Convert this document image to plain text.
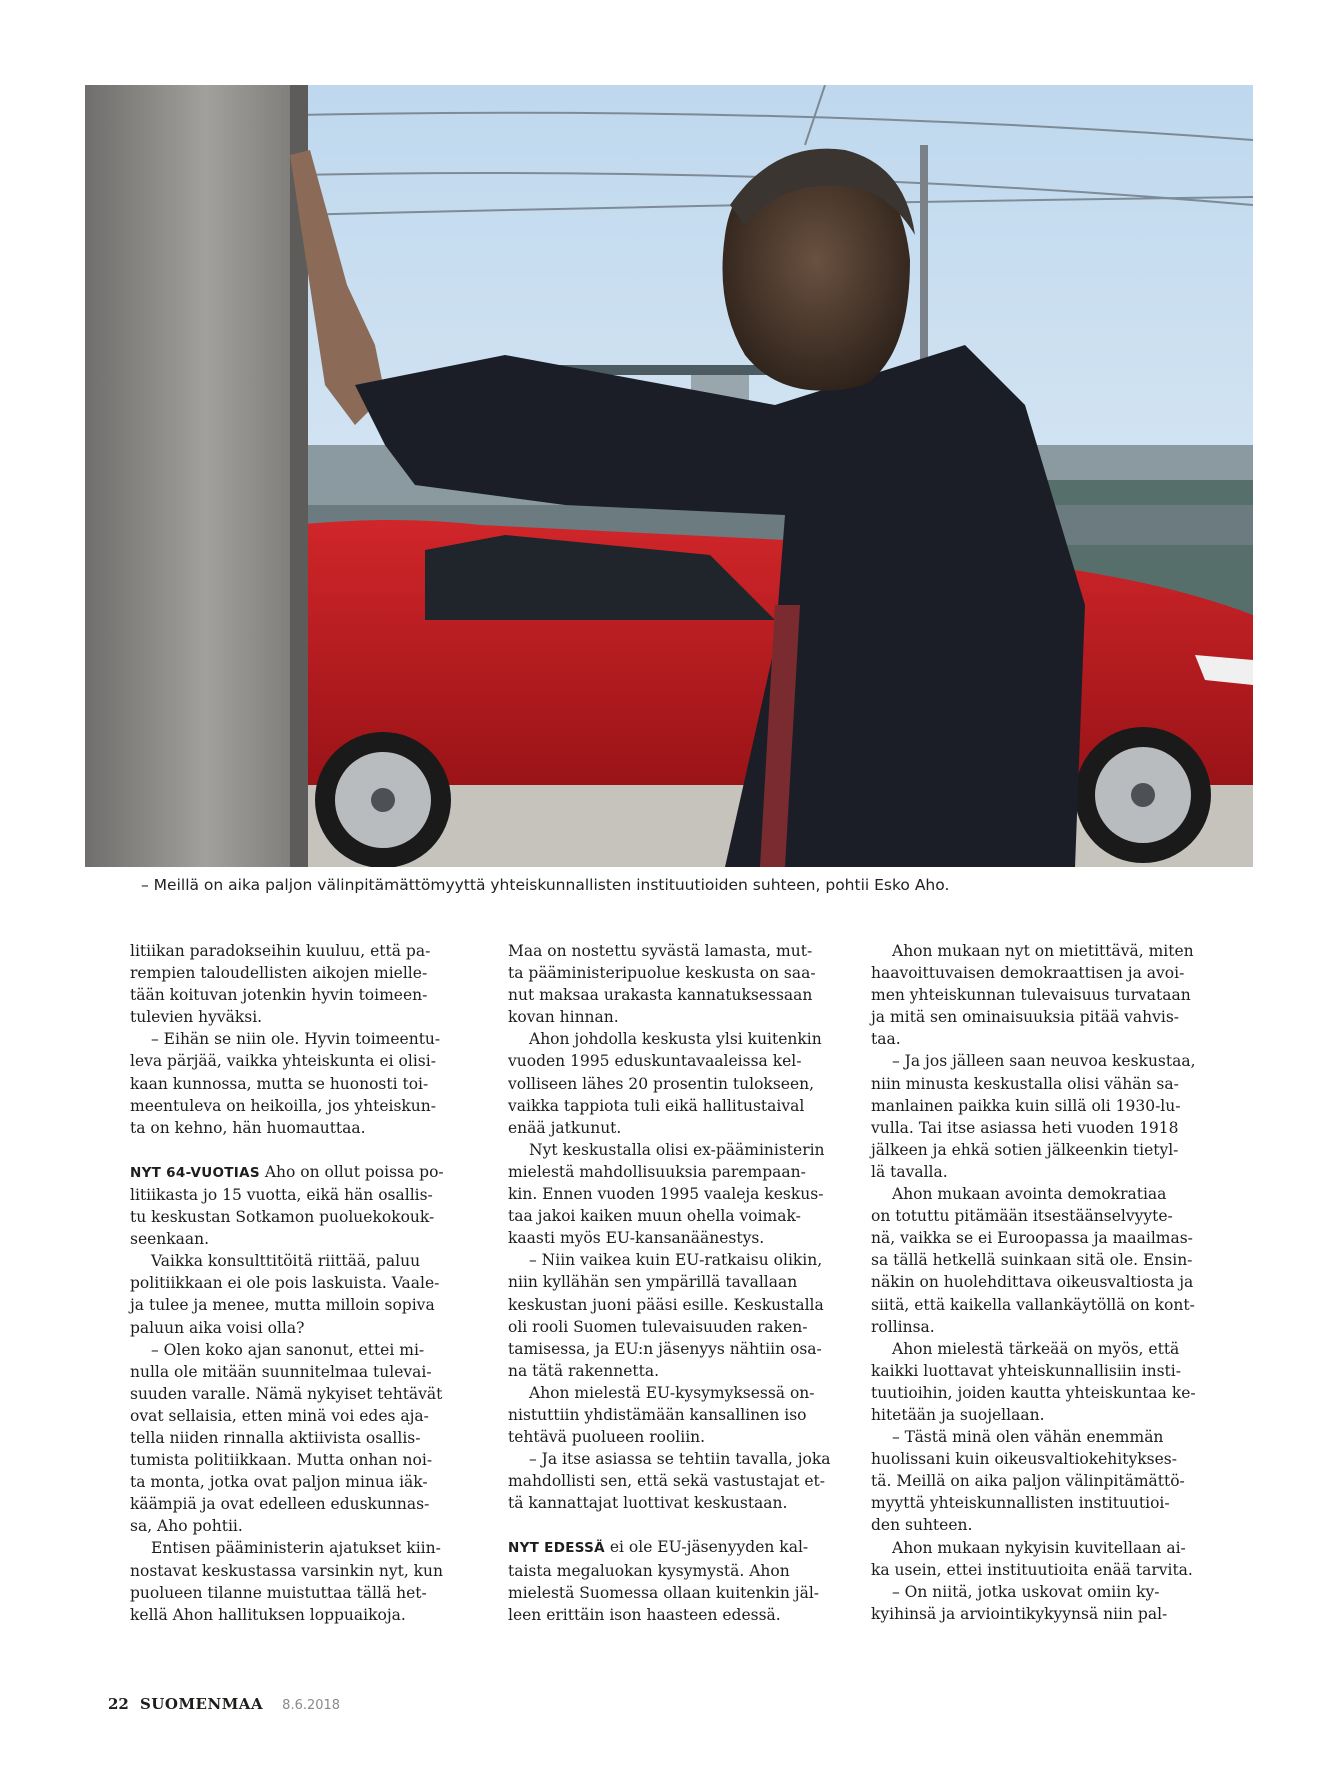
– Meillä on aika paljon välinpitämättömyyttä yhteiskunnallisten instituutioiden suhteen, pohtii Esko Aho.
litiikan paradokseihin kuuluu, että pa-
rempien taloudellisten aikojen mielle-
tään koituvan jotenkin hyvin toimeen-
tulevien hyväksi.
– Eihän se niin ole. Hyvin toimeentu-
leva pärjää, vaikka yhteiskunta ei olisi-
kaan kunnossa, mutta se huonosti toi-
meentuleva on heikoilla, jos yhteiskun-
ta on kehno, hän huomauttaa.
NYT 64-VUOTIAS Aho on ollut poissa po-
litiikasta jo 15 vuotta, eikä hän osallis-
tu keskustan Sotkamon puoluekokouk-
seenkaan.
Vaikka konsulttitöitä riittää, paluu
politiikkaan ei ole pois laskuista. Vaale-
ja tulee ja menee, mutta milloin sopiva
paluun aika voisi olla?
– Olen koko ajan sanonut, ettei mi-
nulla ole mitään suunnitelmaa tulevai-
suuden varalle. Nämä nykyiset tehtävät
ovat sellaisia, etten minä voi edes aja-
tella niiden rinnalla aktiivista osallis-
tumista politiikkaan. Mutta onhan noi-
ta monta, jotka ovat paljon minua iäk-
käämpiä ja ovat edelleen eduskunnas-
sa, Aho pohtii.
Entisen pääministerin ajatukset kiin-
nostavat keskustassa varsinkin nyt, kun
puolueen tilanne muistuttaa tällä het-
kellä Ahon hallituksen loppuaikoja.
Maa on nostettu syvästä lamasta, mut-
ta pääministeripuolue keskusta on saa-
nut maksaa urakasta kannatuksessaan
kovan hinnan.
Ahon johdolla keskusta ylsi kuitenkin
vuoden 1995 eduskuntavaaleissa kel-
volliseen lähes 20 prosentin tulokseen,
vaikka tappiota tuli eikä hallitustaival
enää jatkunut.
Nyt keskustalla olisi ex-pääministerin
mielestä mahdollisuuksia parempaan-
kin. Ennen vuoden 1995 vaaleja keskus-
taa jakoi kaiken muun ohella voimak-
kaasti myös EU-kansanäänestys.
– Niin vaikea kuin EU-ratkaisu olikin,
niin kyllähän sen ympärillä tavallaan
keskustan juoni pääsi esille. Keskustalla
oli rooli Suomen tulevaisuuden raken-
tamisessa, ja EU:n jäsenyys nähtiin osa-
na tätä rakennetta.
Ahon mielestä EU-kysymyksessä on-
nistuttiin yhdistämään kansallinen iso
tehtävä puolueen rooliin.
– Ja itse asiassa se tehtiin tavalla, joka
mahdollisti sen, että sekä vastustajat et-
tä kannattajat luottivat keskustaan.
NYT EDESSÄ ei ole EU-jäsenyyden kal-
taista megaluokan kysymystä. Ahon
mielestä Suomessa ollaan kuitenkin jäl-
leen erittäin ison haasteen edessä.
Ahon mukaan nyt on mietittävä, miten
haavoittuvaisen demokraattisen ja avoi-
men yhteiskunnan tulevaisuus turvataan
ja mitä sen ominaisuuksia pitää vahvis-
taa.
– Ja jos jälleen saan neuvoa keskustaa,
niin minusta keskustalla olisi vähän sa-
manlainen paikka kuin sillä oli 1930-lu-
vulla. Tai itse asiassa heti vuoden 1918
jälkeen ja ehkä sotien jälkeenkin tietyl-
lä tavalla.
Ahon mukaan avointa demokratiaa
on totuttu pitämään itsestäänselvyyte-
nä, vaikka se ei Euroopassa ja maailmas-
sa tällä hetkellä suinkaan sitä ole. Ensin-
näkin on huolehdittava oikeusvaltiosta ja
siitä, että kaikella vallankäytöllä on kont-
rollinsa.
Ahon mielestä tärkeää on myös, että
kaikki luottavat yhteiskunnallisiin insti-
tuutioihin, joiden kautta yhteiskuntaa ke-
hitetään ja suojellaan.
– Tästä minä olen vähän enemmän
huolissani kuin oikeusvaltiokehitykses-
tä. Meillä on aika paljon välinpitämättö-
myyttä yhteiskunnallisten instituutioi-
den suhteen.
Ahon mukaan nykyisin kuvitellaan ai-
ka usein, ettei instituutioita enää tarvita.
– On niitä, jotka uskovat omiin ky-
kyihinsä ja arviointikykyynsä niin pal-
22 SUOMENMAA 8.6.2018
